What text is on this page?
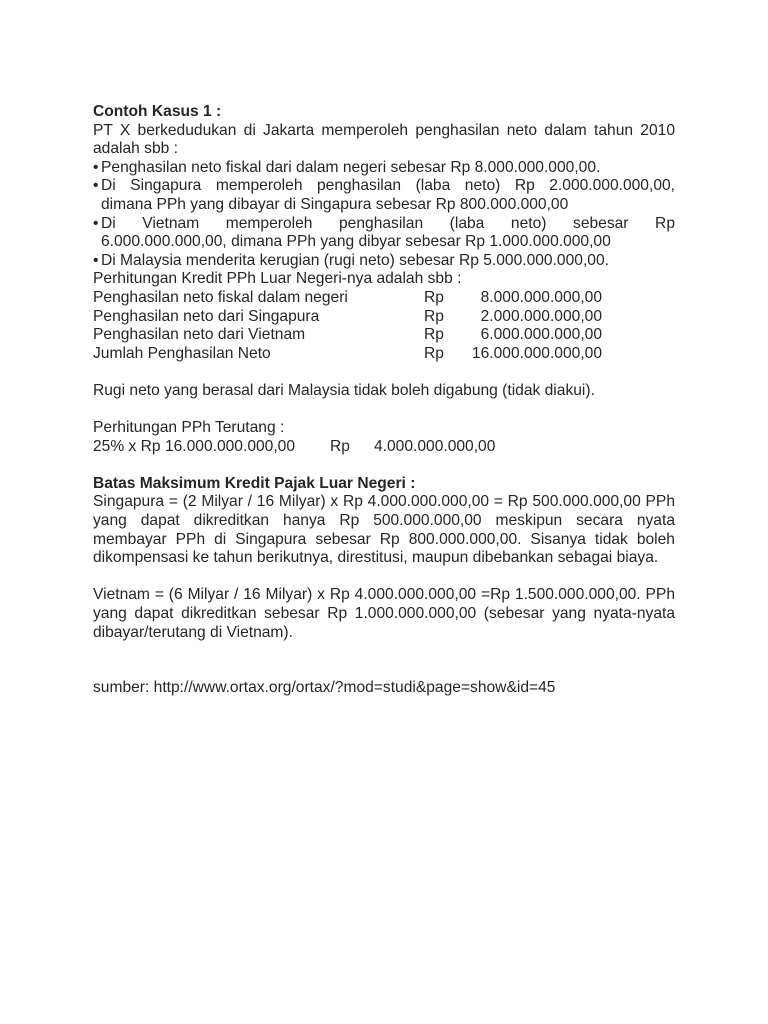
Contoh Kasus 1 :
PT X berkedudukan di Jakarta memperoleh penghasilan neto dalam tahun 2010 adalah sbb :
• Penghasilan neto fiskal dari dalam negeri sebesar Rp 8.000.000.000,00.
• Di Singapura memperoleh penghasilan (laba neto) Rp 2.000.000.000,00,
dimana PPh yang dibayar di Singapura sebesar Rp 800.000.000,00
• Di Vietnam memperoleh penghasilan (laba neto) sebesar Rp
6.000.000.000,00, dimana PPh yang dibyar sebesar Rp 1.000.000.000,00
• Di Malaysia menderita kerugian (rugi neto) sebesar Rp 5.000.000.000,00.
Perhitungan Kredit PPh Luar Negeri-nya adalah sbb :
Penghasilan neto fiskal dalam negeri	Rp	8.000.000.000,00
Penghasilan neto dari Singapura	Rp	2.000.000.000,00
Penghasilan neto dari Vietnam	Rp	6.000.000.000,00
Jumlah Penghasilan Neto	Rp	16.000.000.000,00
Rugi neto yang berasal dari Malaysia tidak boleh digabung (tidak diakui).
Perhitungan PPh Terutang :
25% x Rp 16.000.000.000,00	Rp	4.000.000.000,00
Batas Maksimum Kredit Pajak Luar Negeri :
Singapura = (2 Milyar / 16 Milyar) x Rp 4.000.000.000,00 = Rp 500.000.000,00 PPh yang dapat dikreditkan hanya Rp 500.000.000,00 meskipun secara nyata membayar PPh di Singapura sebesar Rp 800.000.000,00. Sisanya tidak boleh dikompensasi ke tahun berikutnya, direstitusi, maupun dibebankan sebagai biaya.
Vietnam = (6 Milyar / 16 Milyar) x Rp 4.000.000.000,00 =Rp 1.500.000.000,00. PPh yang dapat dikreditkan sebesar Rp 1.000.000.000,00 (sebesar yang nyata-nyata dibayar/terutang di Vietnam).
sumber: http://www.ortax.org/ortax/?mod=studi&page=show&id=45
